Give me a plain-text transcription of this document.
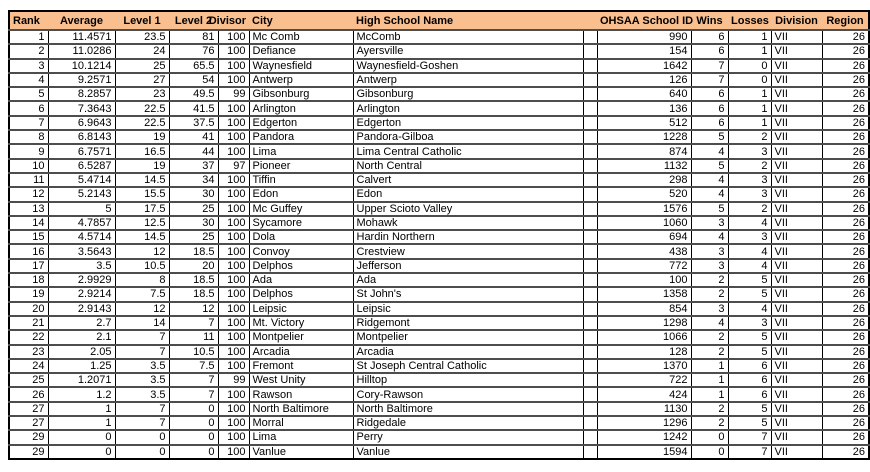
Rank	Average	Level 1	Level 2	Divisor	City	High School Name		OHSAA School ID	Wins	Losses	Division	Region
1	11.4571	23.5	81	100	Mc Comb	McComb		990	6	1	VII	26
2	11.0286	24	76	100	Defiance	Ayersville		154	6	1	VII	26
3	10.1214	25	65.5	100	Waynesfield	Waynesfield-Goshen		1642	7	0	VII	26
4	9.2571	27	54	100	Antwerp	Antwerp		126	7	0	VII	26
5	8.2857	23	49.5	99	Gibsonburg	Gibsonburg		640	6	1	VII	26
6	7.3643	22.5	41.5	100	Arlington	Arlington		136	6	1	VII	26
7	6.9643	22.5	37.5	100	Edgerton	Edgerton		512	6	1	VII	26
8	6.8143	19	41	100	Pandora	Pandora-Gilboa		1228	5	2	VII	26
9	6.7571	16.5	44	100	Lima	Lima Central Catholic		874	4	3	VII	26
10	6.5287	19	37	97	Pioneer	North Central		1132	5	2	VII	26
11	5.4714	14.5	34	100	Tiffin	Calvert		298	4	3	VII	26
12	5.2143	15.5	30	100	Edon	Edon		520	4	3	VII	26
13	5	17.5	25	100	Mc Guffey	Upper Scioto Valley		1576	5	2	VII	26
14	4.7857	12.5	30	100	Sycamore	Mohawk		1060	3	4	VII	26
15	4.5714	14.5	25	100	Dola	Hardin Northern		694	4	3	VII	26
16	3.5643	12	18.5	100	Convoy	Crestview		438	3	4	VII	26
17	3.5	10.5	20	100	Delphos	Jefferson		772	3	4	VII	26
18	2.9929	8	18.5	100	Ada	Ada		100	2	5	VII	26
19	2.9214	7.5	18.5	100	Delphos	St John's		1358	2	5	VII	26
20	2.9143	12	12	100	Leipsic	Leipsic		854	3	4	VII	26
21	2.7	14	7	100	Mt. Victory	Ridgemont		1298	4	3	VII	26
22	2.1	7	11	100	Montpelier	Montpelier		1066	2	5	VII	26
23	2.05	7	10.5	100	Arcadia	Arcadia		128	2	5	VII	26
24	1.25	3.5	7.5	100	Fremont	St Joseph Central Catholic		1370	1	6	VII	26
25	1.2071	3.5	7	99	West Unity	Hilltop		722	1	6	VII	26
26	1.2	3.5	7	100	Rawson	Cory-Rawson		424	1	6	VII	26
27	1	7	0	100	North Baltimore	North Baltimore		1130	2	5	VII	26
27	1	7	0	100	Morral	Ridgedale		1296	2	5	VII	26
29	0	0	0	100	Lima	Perry		1242	0	7	VII	26
29	0	0	0	100	Vanlue	Vanlue		1594	0	7	VII	26
